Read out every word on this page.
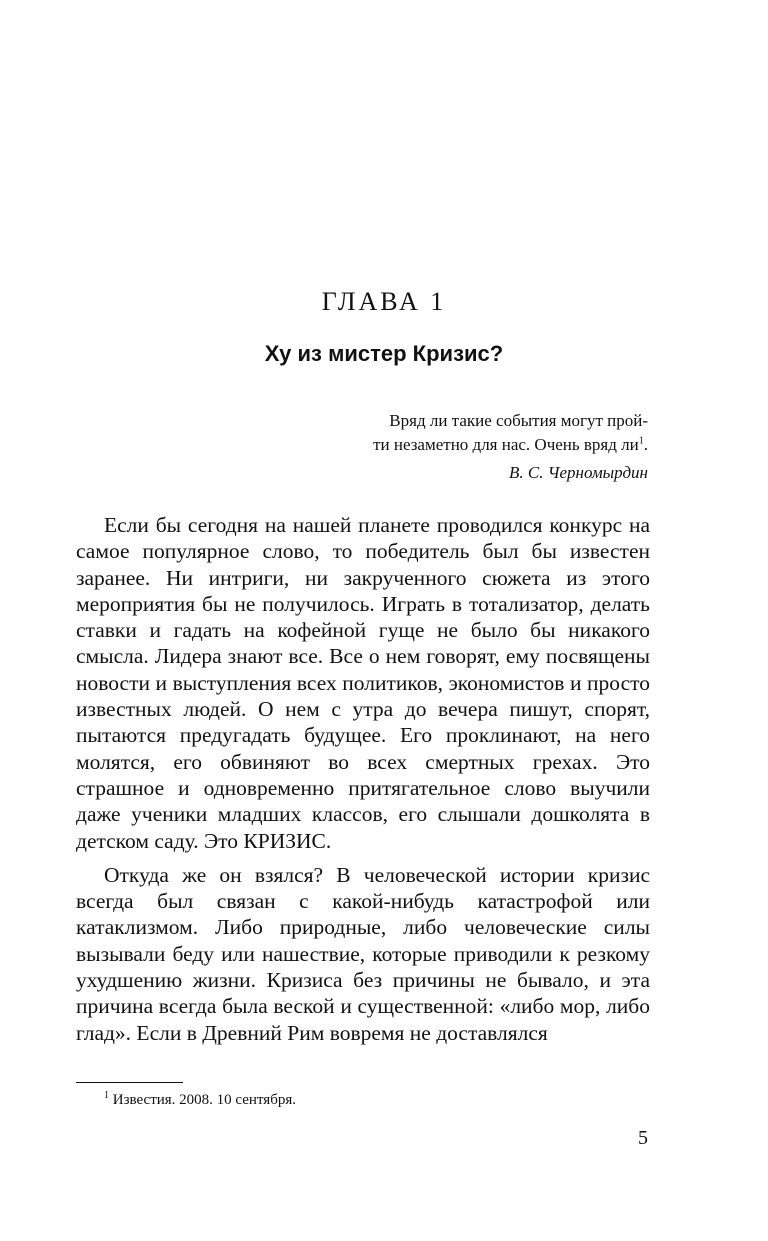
ГЛАВА 1
Ху из мистер Кризис?
Вряд ли такие события могут прой-
ти незаметно для нас. Очень вряд $ли^1$.
В. С. Черномырдин

Если бы сегодня на нашей планете проводился конкурс на самое популярное слово, то победитель был бы известен заранее. Ни интриги, ни закрученного сюжета из этого мероприятия бы не получилось. Играть в тотализатор, делать ставки и гадать на кофейной гуще не было бы никакого смысла. Лидера знают все. Все о нем говорят, ему посвящены новости и выступления всех политиков, экономистов и просто известных людей. О нем с утра до вечера пишут, спорят, пытаются предугадать будущее. Его проклинают, на него молятся, его обвиняют во всех смертных грехах. Это страшное и одновременно притягательное слово выучили даже ученики младших классов, его слышали дошколята в детском саду. Это КРИЗИС.

Откуда же он взялся? В человеческой истории кризис всегда был связан с какой-нибудь катастрофой или катаклизмом. Либо природные, либо человеческие силы вызывали беду или нашествие, которые приводили к резкому ухудшению жизни. Кризиса без причины не бывало, и эта причина всегда была веской и существенной: «либо мор, либо глад». Если в Древний Рим вовремя не доставлялся

$^1$ Известия. 2008. 10 сентября.
5
